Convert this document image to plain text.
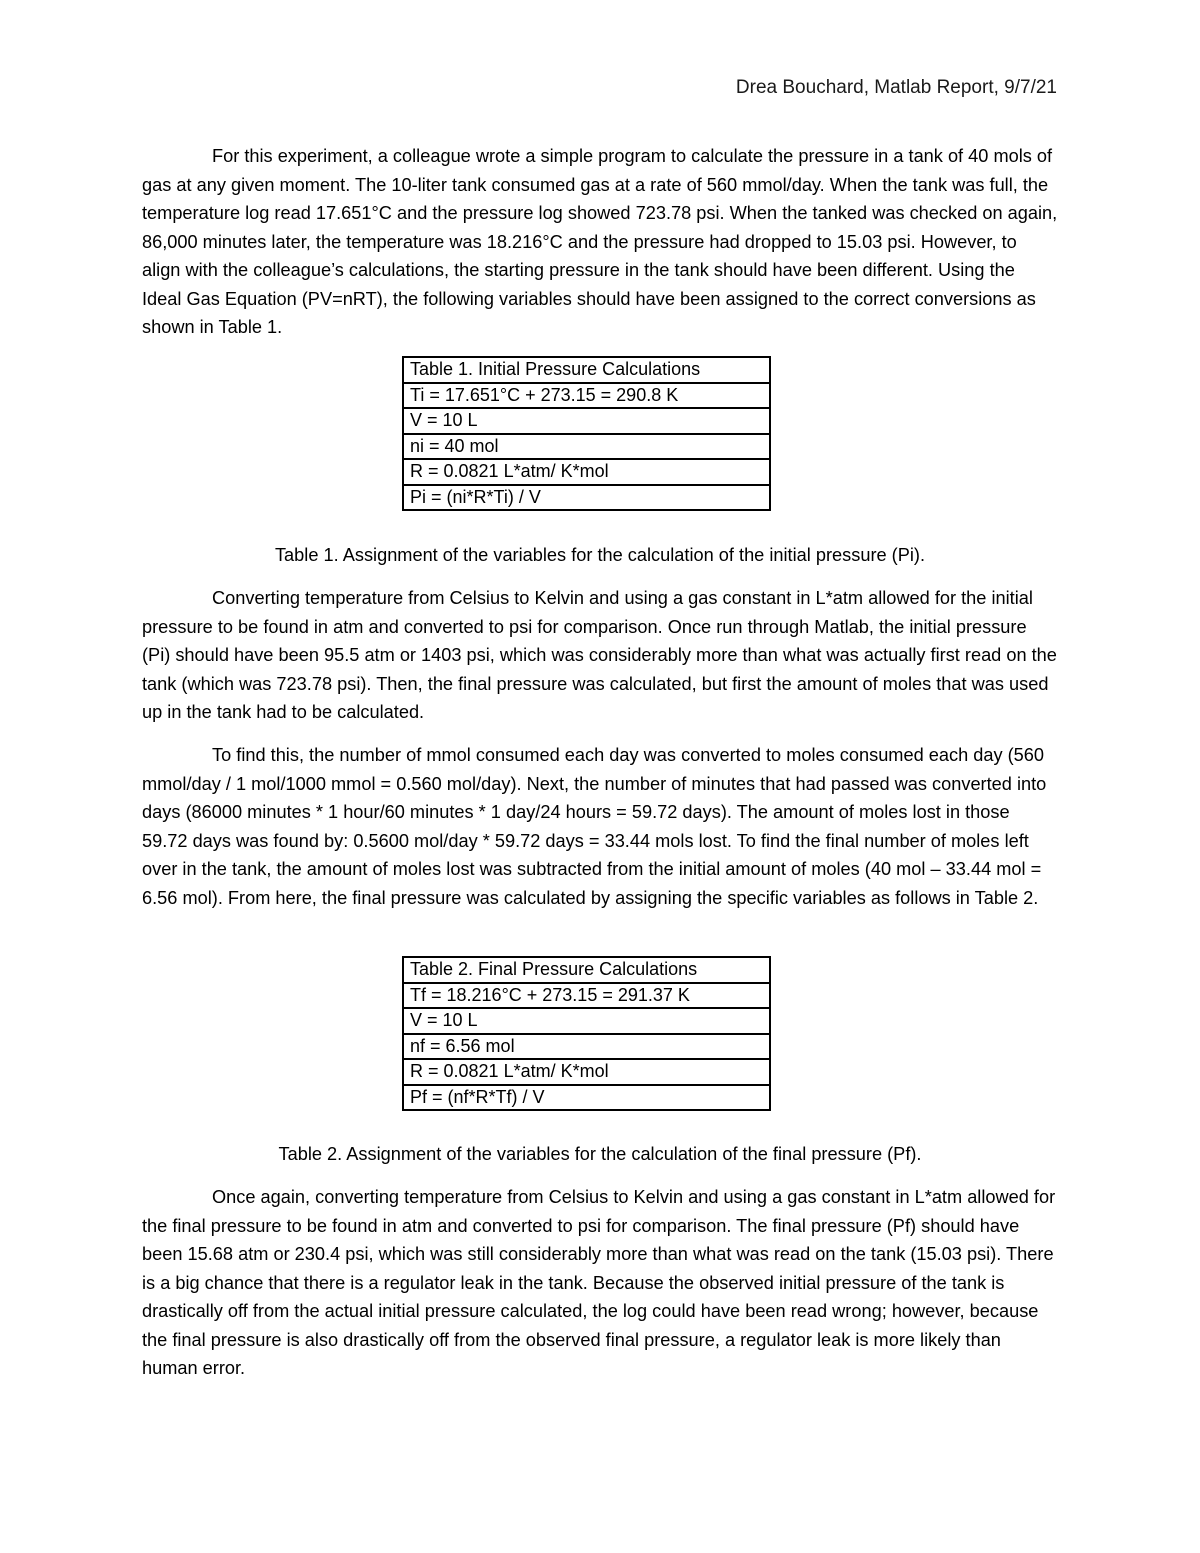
Drea Bouchard, Matlab Report, 9/7/21

For this experiment, a colleague wrote a simple program to calculate the pressure in a tank of 40 mols of gas at any given moment. The 10-liter tank consumed gas at a rate of 560 mmol/day. When the tank was full, the temperature log read 17.651°C and the pressure log showed 723.78 psi. When the tanked was checked on again, 86,000 minutes later, the temperature was 18.216°C and the pressure had dropped to 15.03 psi. However, to align with the colleague’s calculations, the starting pressure in the tank should have been different. Using the Ideal Gas Equation (PV=nRT), the following variables should have been assigned to the correct conversions as shown in Table 1.

Table 1. Initial Pressure Calculations
Ti = 17.651°C + 273.15 = 290.8 K
V = 10 L
ni = 40 mol
R = 0.0821 L*atm/ K*mol
Pi = (ni*R*Ti) / V

Table 1. Assignment of the variables for the calculation of the initial pressure (Pi).

Converting temperature from Celsius to Kelvin and using a gas constant in L*atm allowed for the initial pressure to be found in atm and converted to psi for comparison. Once run through Matlab, the initial pressure (Pi) should have been 95.5 atm or 1403 psi, which was considerably more than what was actually first read on the tank (which was 723.78 psi). Then, the final pressure was calculated, but first the amount of moles that was used up in the tank had to be calculated.

To find this, the number of mmol consumed each day was converted to moles consumed each day (560 mmol/day / 1 mol/1000 mmol = 0.560 mol/day). Next, the number of minutes that had passed was converted into days (86000 minutes * 1 hour/60 minutes * 1 day/24 hours = 59.72 days). The amount of moles lost in those 59.72 days was found by: 0.5600 mol/day * 59.72 days = 33.44 mols lost. To find the final number of moles left over in the tank, the amount of moles lost was subtracted from the initial amount of moles (40 mol – 33.44 mol = 6.56 mol). From here, the final pressure was calculated by assigning the specific variables as follows in Table 2.

Table 2. Final Pressure Calculations
Tf = 18.216°C + 273.15 = 291.37 K
V = 10 L
nf = 6.56 mol
R = 0.0821 L*atm/ K*mol
Pf = (nf*R*Tf) / V

Table 2. Assignment of the variables for the calculation of the final pressure (Pf).

Once again, converting temperature from Celsius to Kelvin and using a gas constant in L*atm allowed for the final pressure to be found in atm and converted to psi for comparison. The final pressure (Pf) should have been 15.68 atm or 230.4 psi, which was still considerably more than what was read on the tank (15.03 psi). There is a big chance that there is a regulator leak in the tank. Because the observed initial pressure of the tank is drastically off from the actual initial pressure calculated, the log could have been read wrong; however, because the final pressure is also drastically off from the observed final pressure, a regulator leak is more likely than human error.
